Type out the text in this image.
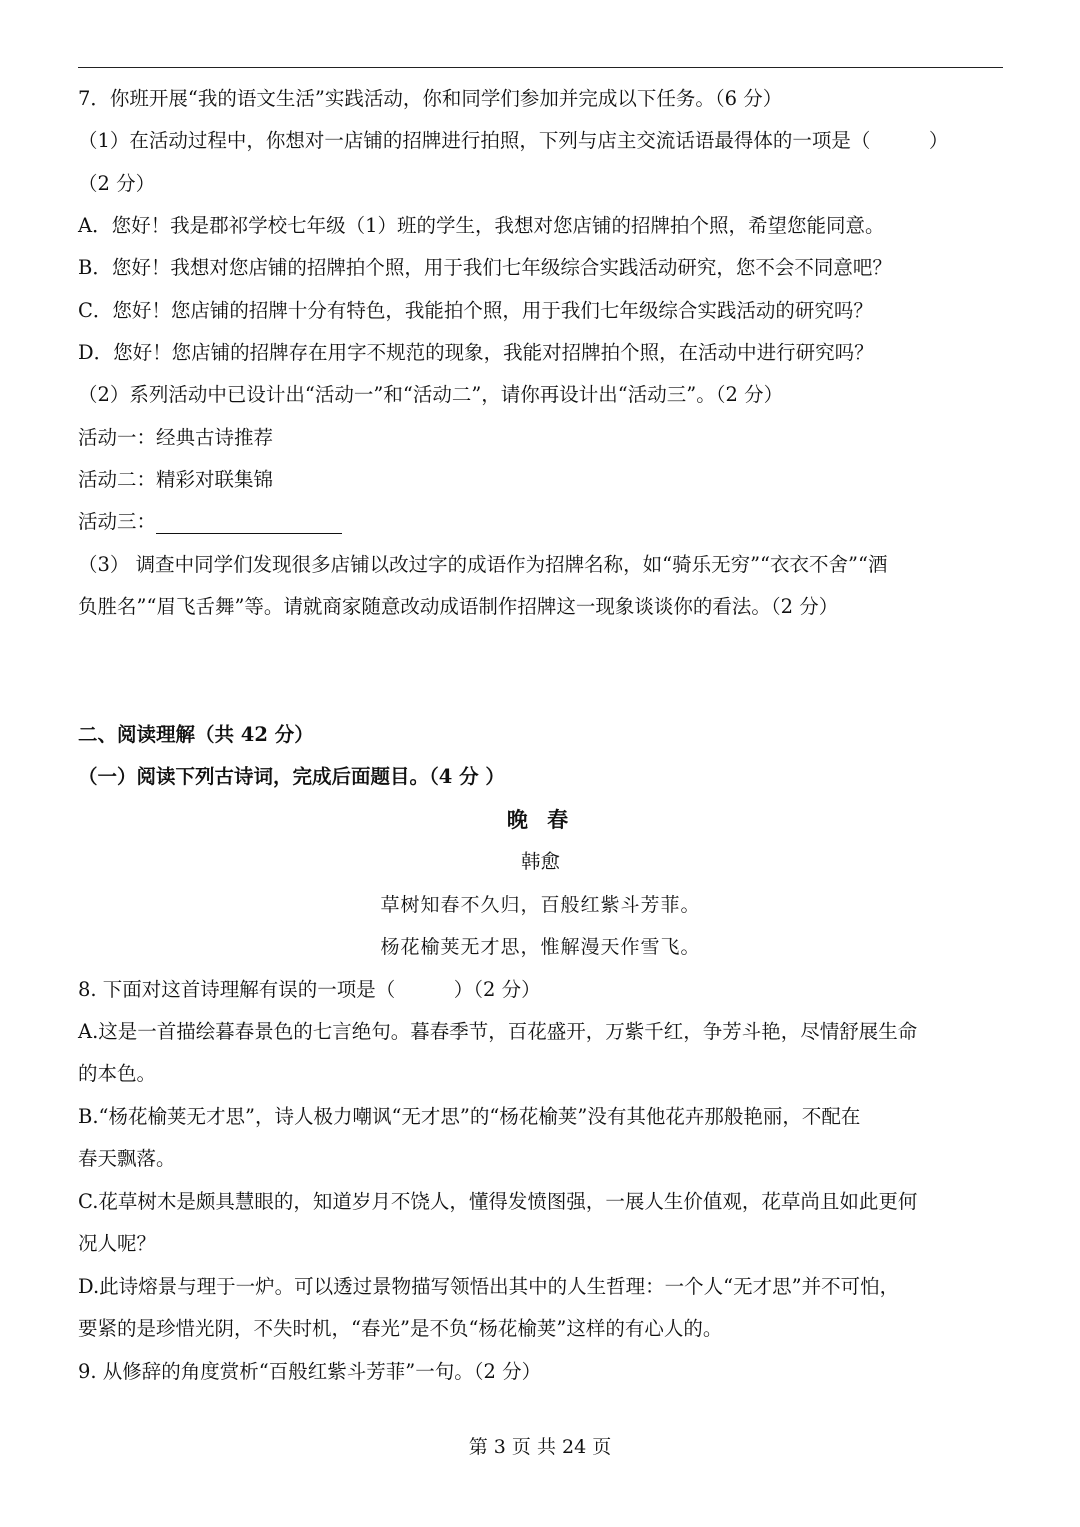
7．你班开展“我的语文生活”实践活动，你和同学们参加并完成以下任务。（6 分）
（1）在活动过程中，你想对一店铺的招牌进行拍照，下列与店主交流话语最得体的一项是（　　　）
（2 分）
A．您好！我是郡祁学校七年级（1）班的学生，我想对您店铺的招牌拍个照，希望您能同意。
B．您好！我想对您店铺的招牌拍个照，用于我们七年级综合实践活动研究，您不会不同意吧？
C．您好！您店铺的招牌十分有特色，我能拍个照，用于我们七年级综合实践活动的研究吗？
D．您好！您店铺的招牌存在用字不规范的现象，我能对招牌拍个照，在活动中进行研究吗？
（2）系列活动中已设计出“活动一”和“活动二”，请你再设计出“活动三”。（2 分）
活动一：经典古诗推荐
活动二：精彩对联集锦
活动三：
（3） 调查中同学们发现很多店铺以改过字的成语作为招牌名称，如“骑乐无穷”“衣衣不舍”“酒
负胜名”“眉飞舌舞”等。请就商家随意改动成语制作招牌这一现象谈谈你的看法。（2 分）
二、阅读理解（共 42 分）
（一）阅读下列古诗词，完成后面题目。（4 分 ）
晚 春
韩愈
草树知春不久归，百般红紫斗芳菲。
杨花榆荚无才思，惟解漫天作雪飞。
8. 下面对这首诗理解有误的一项是（　　　）（2 分）
A.这是一首描绘暮春景色的七言绝句。暮春季节，百花盛开，万紫千红，争芳斗艳，尽情舒展生命
的本色。
B.“杨花榆荚无才思”，诗人极力嘲讽“无才思”的“杨花榆荚”没有其他花卉那般艳丽，不配在
春天飘落。
C.花草树木是颇具慧眼的，知道岁月不饶人，懂得发愤图强，一展人生价值观，花草尚且如此更何
况人呢？
D.此诗熔景与理于一炉。可以透过景物描写领悟出其中的人生哲理：一个人“无才思”并不可怕，
要紧的是珍惜光阴，不失时机，“春光”是不负“杨花榆荚”这样的有心人的。
9. 从修辞的角度赏析“百般红紫斗芳菲”一句。（2 分）
第 3 页 共 24 页
